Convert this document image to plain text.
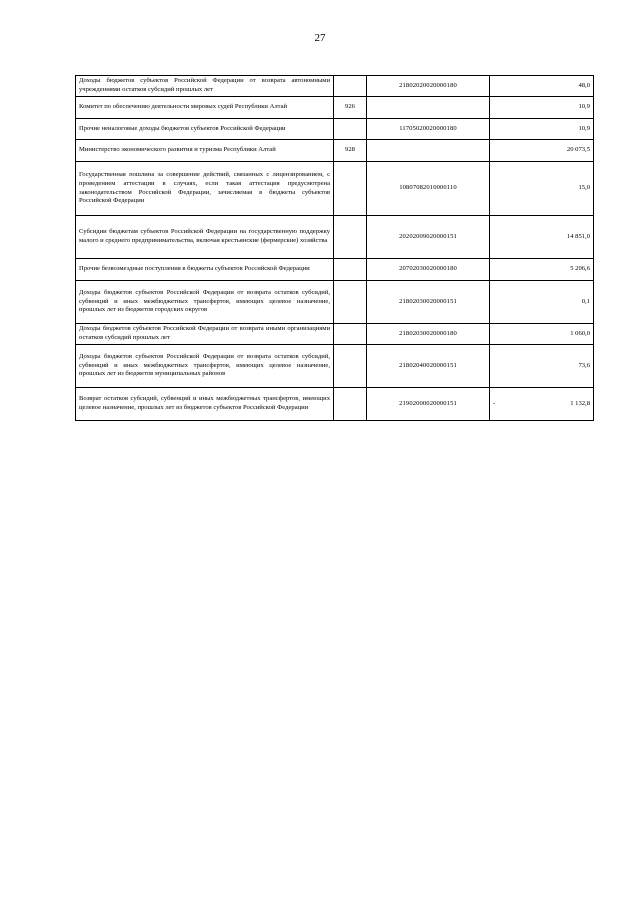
27
Доходы бюджетов субъектов Российской Федерации от возврата автономными учреждениями остатков субсидий прошлых лет		21802020020000180	48,0
Комитет по обеспечению деятельности мировых судей Республики Алтай	926		10,9
Прочие неналоговые доходы бюджетов субъектов Российской Федерации		11705020020000180	10,9
Министерство экономического развития и туризма Республики Алтай	928		20 073,5
Государственная пошлина за совершение действий, связанных с лицензированием, с проведением аттестации в случаях, если такая аттестация предусмотрена законодательством Российской Федерации, зачисляемая в бюджеты субъектов Российской Федерации		10807082010000110	15,0
Субсидии бюджетам субъектов Российской Федерации на государственную поддержку малого и среднего предпринимательства, включая крестьянские (фермерские) хозяйства		20202009020000151	14 851,0
Прочие безвозмездные поступления в бюджеты субъектов Российской Федерации		20702030020000180	5 206,6
Доходы бюджетов субъектов Российской Федерации от возврата остатков субсидий, субвенций и иных межбюджетных трансфертов, имеющих целевое назначение, прошлых лет из бюджетов городских округов		21802030020000151	0,1
Доходы бюджетов субъектов Российской Федерации от возврата иными организациями остатков субсидий прошлых лет		21802030020000180	1 060,0
Доходы бюджетов субъектов Российской Федерации от возврата остатков субсидий, субвенций и иных межбюджетных трансфертов, имеющих целевое назначение, прошлых лет из бюджетов муниципальных районов		21802040020000151	73,6
Возврат остатков субсидий, субвенций и иных межбюджетных трансфертов, имеющих целевое назначение, прошлых лет из бюджетов субъектов Российской Федерации		21902000020000151	- 1 132,8
